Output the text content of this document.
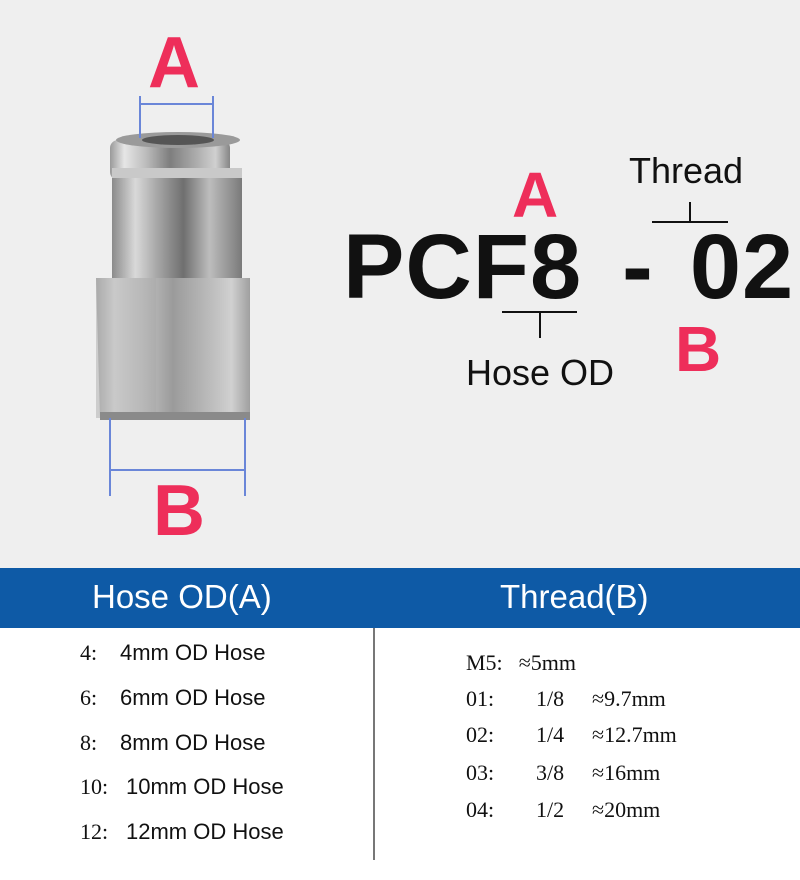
A
B
PCF8 - 02
A
B
Thread
Hose OD
Hose OD(A)	Thread(B)
4: 4mm OD Hose
6: 6mm OD Hose
8: 8mm OD Hose
10: 10mm OD Hose
12: 12mm OD Hose
M5: ≈5mm
01: 1/8 ≈9.7mm
02: 1/4 ≈12.7mm
03: 3/8 ≈16mm
04: 1/2 ≈20mm
